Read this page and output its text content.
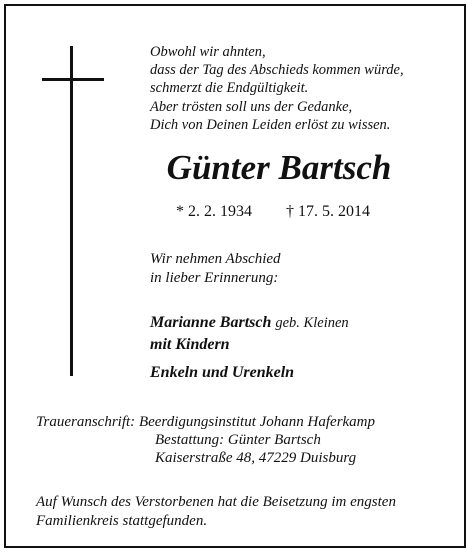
Obwohl wir ahnten,
dass der Tag des Abschieds kommen würde,
schmerzt die Endgültigkeit.
Aber trösten soll uns der Gedanke,
Dich von Deinen Leiden erlöst zu wissen.
Günter Bartsch
* 2. 2. 1934 † 17. 5. 2014
Wir nehmen Abschied
in lieber Erinnerung:
Marianne Bartsch geb. Kleinen
mit Kindern
Enkeln und Urenkeln
Traueranschrift: Beerdigungsinstitut Johann Haferkamp
Bestattung: Günter Bartsch
Kaiserstraße 48, 47229 Duisburg
Auf Wunsch des Verstorbenen hat die Beisetzung im engsten
Familienkreis stattgefunden.
